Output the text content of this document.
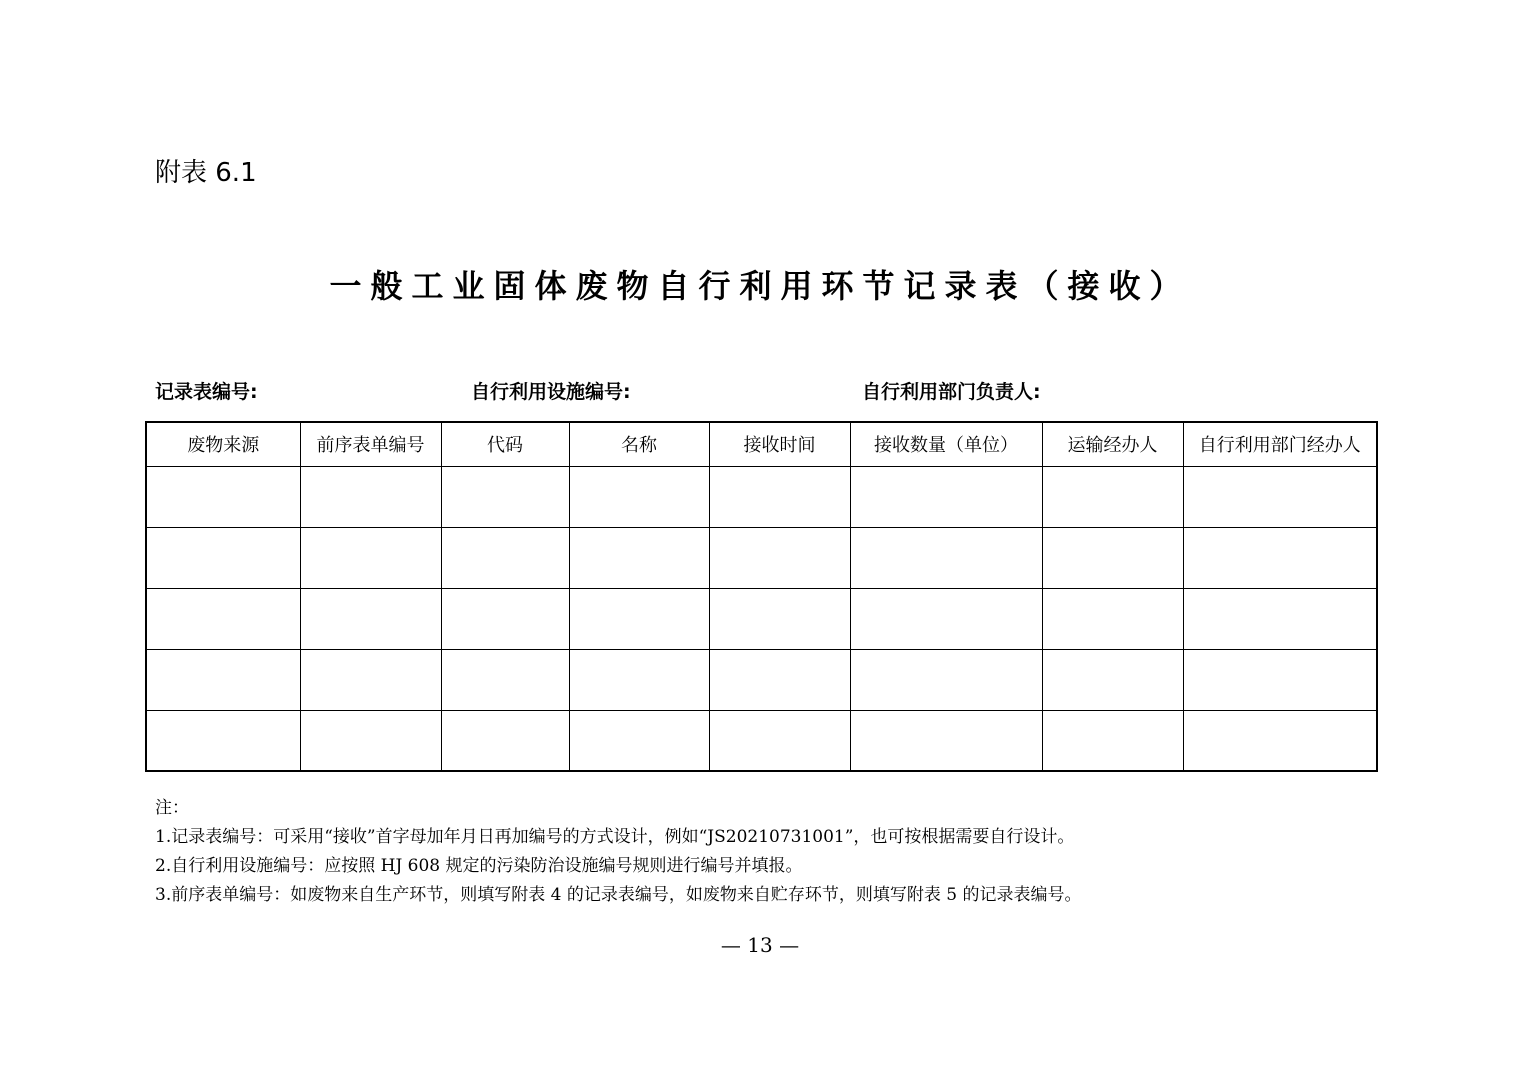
附表 6.1
一般工业固体废物自行利用环节记录表（接收）
记录表编号:	自行利用设施编号:	自行利用部门负责人:
废物来源	前序表单编号	代码	名称	接收时间	接收数量（单位）	运输经办人	自行利用部门经办人

注：
1.记录表编号：可采用“接收”首字母加年月日再加编号的方式设计，例如“JS20210731001”，也可按根据需要自行设计。
2.自行利用设施编号：应按照 HJ 608 规定的污染防治设施编号规则进行编号并填报。
3.前序表单编号：如废物来自生产环节，则填写附表 4 的记录表编号，如废物来自贮存环节，则填写附表 5 的记录表编号。
— 13 —
